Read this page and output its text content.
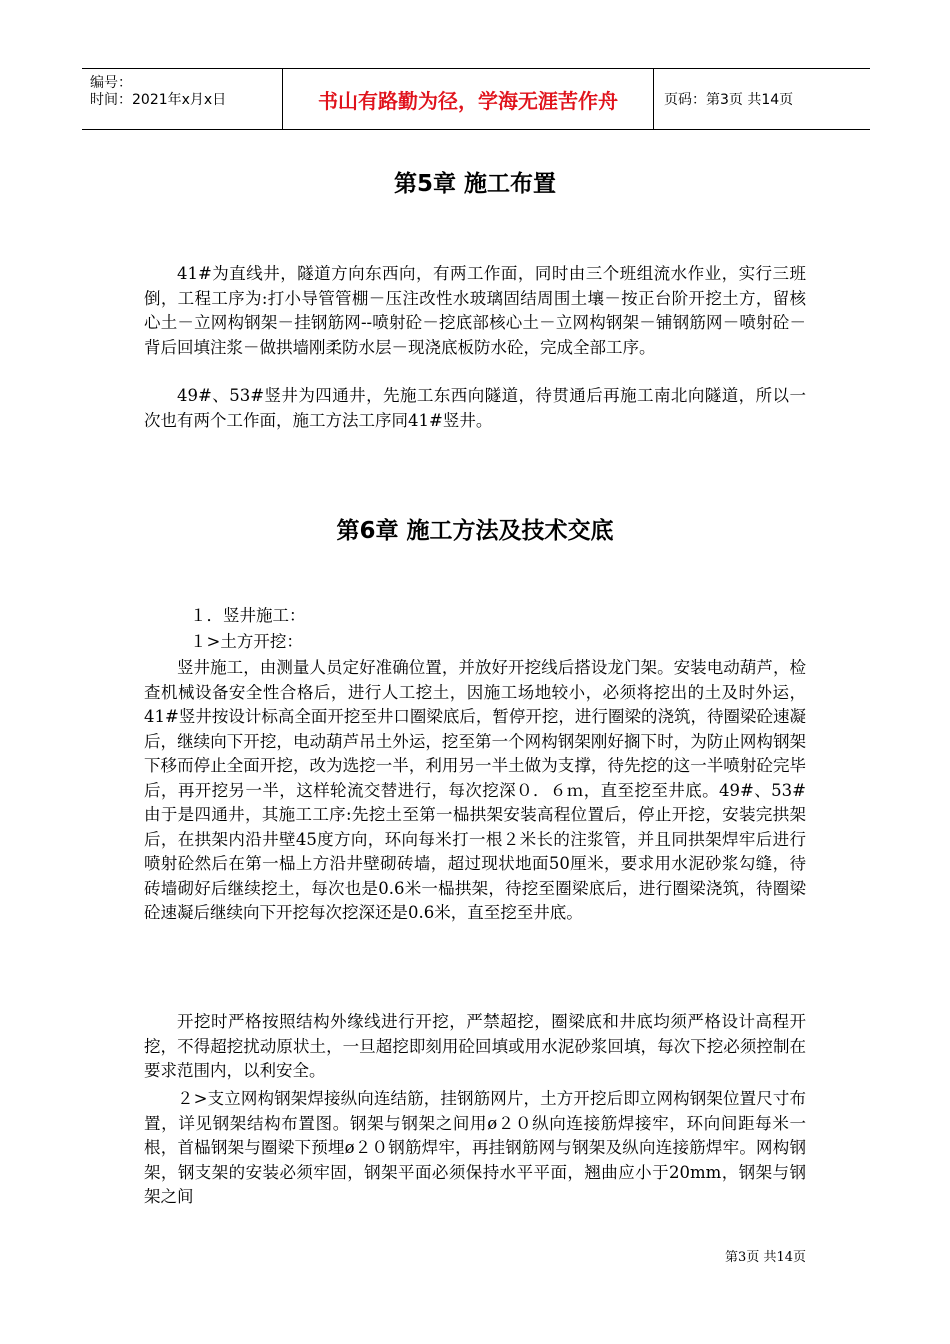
编号：
时间：2021年x月x日	书山有路勤为径，学海无涯苦作舟	页码：第3页 共14页
第5章 施工布置

41#为直线井，隧道方向东西向，有两工作面，同时由三个班组流水作业，实行三班倒，工程工序为:打小导管管棚－压注改性水玻璃固结周围土壤－按正台阶开挖土方，留核心土－立网构钢架－挂钢筋网--喷射砼－挖底部核心土－立网构钢架－铺钢筋网－喷射砼－背后回填注浆－做拱墙刚柔防水层－现浇底板防水砼，完成全部工序。

49#、53#竖井为四通井，先施工东西向隧道，待贯通后再施工南北向隧道，所以一次也有两个工作面，施工方法工序同41#竖井。

第6章 施工方法及技术交底

１．竖井施工：

１>土方开挖：

竖井施工，由测量人员定好准确位置，并放好开挖线后搭设龙门架。安装电动葫芦，检查机械设备安全性合格后，进行人工挖土，因施工场地较小，必须将挖出的土及时外运，41#竖井按设计标高全面开挖至井口圈梁底后，暂停开挖，进行圈梁的浇筑，待圈梁砼速凝后，继续向下开挖，电动葫芦吊土外运，挖至第一个网构钢架刚好搁下时，为防止网构钢架下移而停止全面开挖，改为选挖一半，利用另一半土做为支撑，待先挖的这一半喷射砼完毕后，再开挖另一半，这样轮流交替进行，每次挖深０．６ｍ，直至挖至井底。49#、53#由于是四通井，其施工工序:先挖土至第一榀拱架安装高程位置后，停止开挖，安装完拱架后，在拱架内沿井壁45度方向，环向每米打一根２米长的注浆管，并且同拱架焊牢后进行喷射砼然后在第一榀上方沿井壁砌砖墙，超过现状地面50厘米，要求用水泥砂浆勾缝，待砖墙砌好后继续挖土，每次也是0.6米一榀拱架，待挖至圈梁底后，进行圈梁浇筑，待圈梁砼速凝后继续向下开挖每次挖深还是0.6米，直至挖至井底。

开挖时严格按照结构外缘线进行开挖，严禁超挖，圈梁底和井底均须严格设计高程开挖，不得超挖扰动原状土，一旦超挖即刻用砼回填或用水泥砂浆回填，每次下挖必须控制在要求范围内，以利安全。

２>支立网构钢架焊接纵向连结筋，挂钢筋网片，土方开挖后即立网构钢架位置尺寸布置，详见钢架结构布置图。钢架与钢架之间用ø２０纵向连接筋焊接牢，环向间距每米一根，首榀钢架与圈梁下预埋ø２０钢筋焊牢，再挂钢筋网与钢架及纵向连接筋焊牢。网构钢架，钢支架的安装必须牢固，钢架平面必须保持水平平面，翘曲应小于20mm，钢架与钢架之间

第3页 共14页
